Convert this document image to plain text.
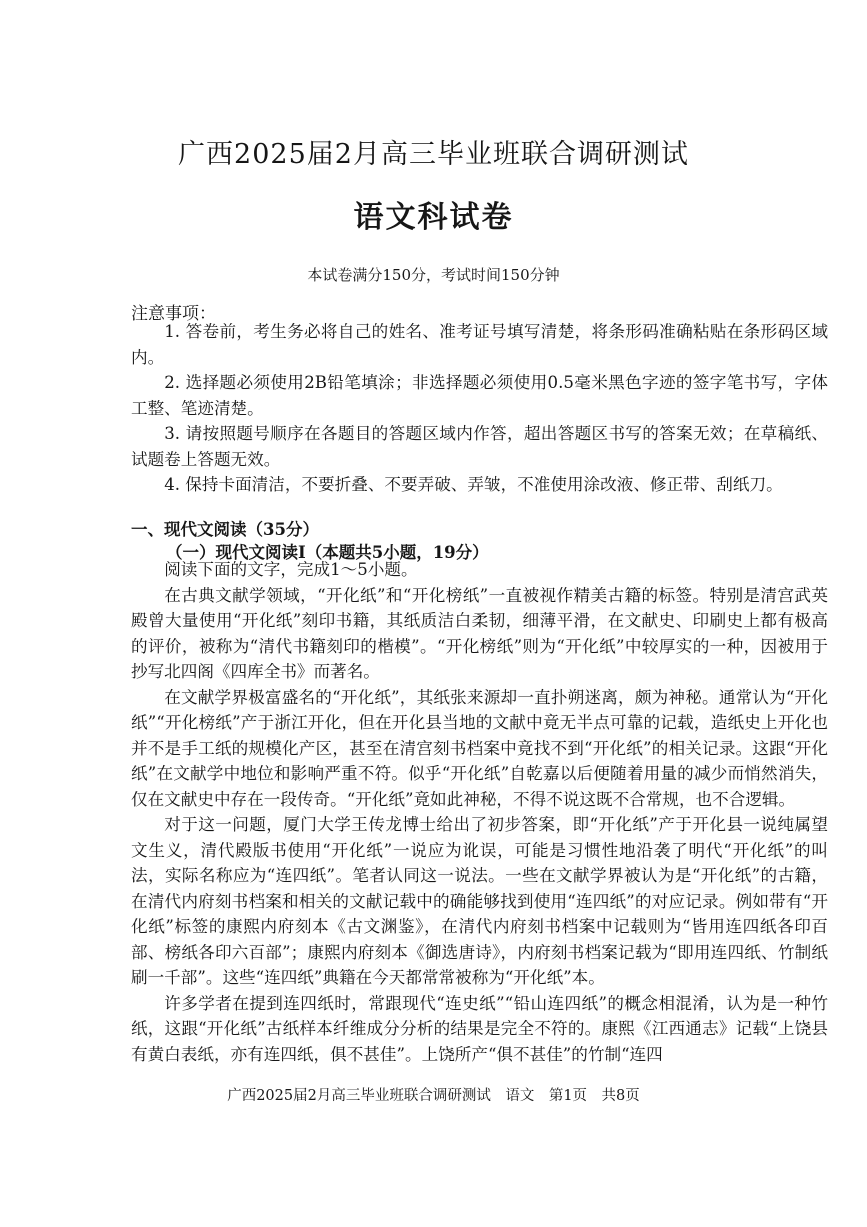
广西2025届2月高三毕业班联合调研测试
语文科试卷
本试卷满分150分，考试时间150分钟
注意事项：

1. 答卷前，考生务必将自己的姓名、准考证号填写清楚，将条形码准确粘贴在条形码区域内。

2. 选择题必须使用2B铅笔填涂；非选择题必须使用0.5毫米黑色字迹的签字笔书写，字体工整、笔迹清楚。

3. 请按照题号顺序在各题目的答题区域内作答，超出答题区书写的答案无效；在草稿纸、试题卷上答题无效。

4. 保持卡面清洁，不要折叠、不要弄破、弄皱，不准使用涂改液、修正带、刮纸刀。

一、现代文阅读（35分）
（一）现代文阅读Ⅰ（本题共5小题，19分）

阅读下面的文字，完成1～5小题。

在古典文献学领域，“开化纸”和“开化榜纸”一直被视作精美古籍的标签。特别是清宫武英殿曾大量使用“开化纸”刻印书籍，其纸质洁白柔韧，细薄平滑，在文献史、印刷史上都有极高的评价，被称为“清代书籍刻印的楷模”。“开化榜纸”则为“开化纸”中较厚实的一种，因被用于抄写北四阁《四库全书》而著名。

在文献学界极富盛名的“开化纸”，其纸张来源却一直扑朔迷离，颇为神秘。通常认为“开化纸”“开化榜纸”产于浙江开化，但在开化县当地的文献中竟无半点可靠的记载，造纸史上开化也并不是手工纸的规模化产区，甚至在清宫刻书档案中竟找不到“开化纸”的相关记录。这跟“开化纸”在文献学中地位和影响严重不符。似乎“开化纸”自乾嘉以后便随着用量的减少而悄然消失，仅在文献史中存在一段传奇。“开化纸”竟如此神秘，不得不说这既不合常规，也不合逻辑。

对于这一问题，厦门大学王传龙博士给出了初步答案，即“开化纸”产于开化县一说纯属望文生义，清代殿版书使用“开化纸”一说应为讹误，可能是习惯性地沿袭了明代“开化纸”的叫法，实际名称应为“连四纸”。笔者认同这一说法。一些在文献学界被认为是“开化纸”的古籍，在清代内府刻书档案和相关的文献记载中的确能够找到使用“连四纸”的对应记录。例如带有“开化纸”标签的康熙内府刻本《古文渊鉴》，在清代内府刻书档案中记载则为“皆用连四纸各印百部、榜纸各印六百部”；康熙内府刻本《御选唐诗》，内府刻书档案记载为“即用连四纸、竹制纸刷一千部”。这些“连四纸”典籍在今天都常常被称为“开化纸”本。

许多学者在提到连四纸时，常跟现代“连史纸”“铅山连四纸”的概念相混淆，认为是一种竹纸，这跟“开化纸”古纸样本纤维成分分析的结果是完全不符的。康熙《江西通志》记载“上饶县有黄白表纸，亦有连四纸，俱不甚佳”。上饶所产“俱不甚佳”的竹制“连四

广西2025届2月高三毕业班联合调研测试　语文　第1页　共8页
